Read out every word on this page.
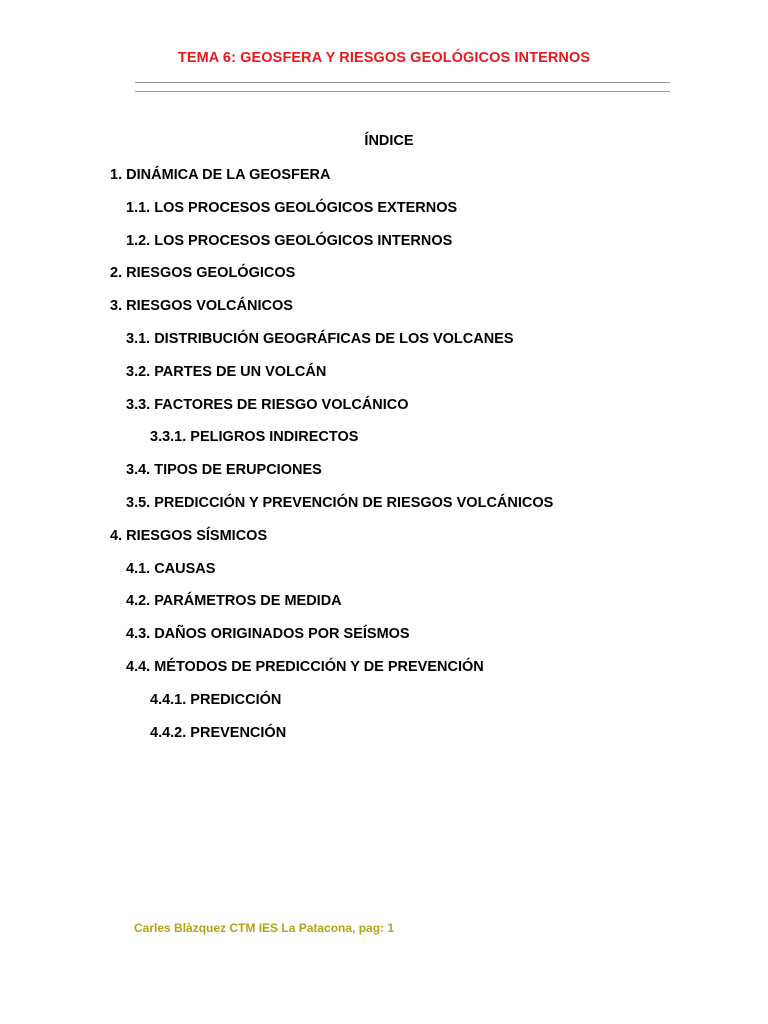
TEMA 6: GEOSFERA Y RIESGOS GEOLÓGICOS INTERNOS
ÍNDICE
1. DINÁMICA DE LA GEOSFERA
1.1. LOS PROCESOS GEOLÓGICOS EXTERNOS
1.2. LOS PROCESOS GEOLÓGICOS INTERNOS
2. RIESGOS GEOLÓGICOS
3. RIESGOS VOLCÁNICOS
3.1. DISTRIBUCIÓN GEOGRÁFICAS DE LOS VOLCANES
3.2. PARTES DE UN VOLCÁN
3.3. FACTORES DE RIESGO VOLCÁNICO
3.3.1. PELIGROS INDIRECTOS
3.4. TIPOS DE ERUPCIONES
3.5. PREDICCIÓN Y PREVENCIÓN DE RIESGOS VOLCÁNICOS
4. RIESGOS SÍSMICOS
4.1. CAUSAS
4.2. PARÁMETROS DE MEDIDA
4.3. DAÑOS ORIGINADOS POR SEÍSMOS
4.4. MÉTODOS DE PREDICCIÓN Y DE PREVENCIÓN
4.4.1. PREDICCIÓN
4.4.2. PREVENCIÓN
Carles Blàzquez CTM IES La Patacona, pag: 1
